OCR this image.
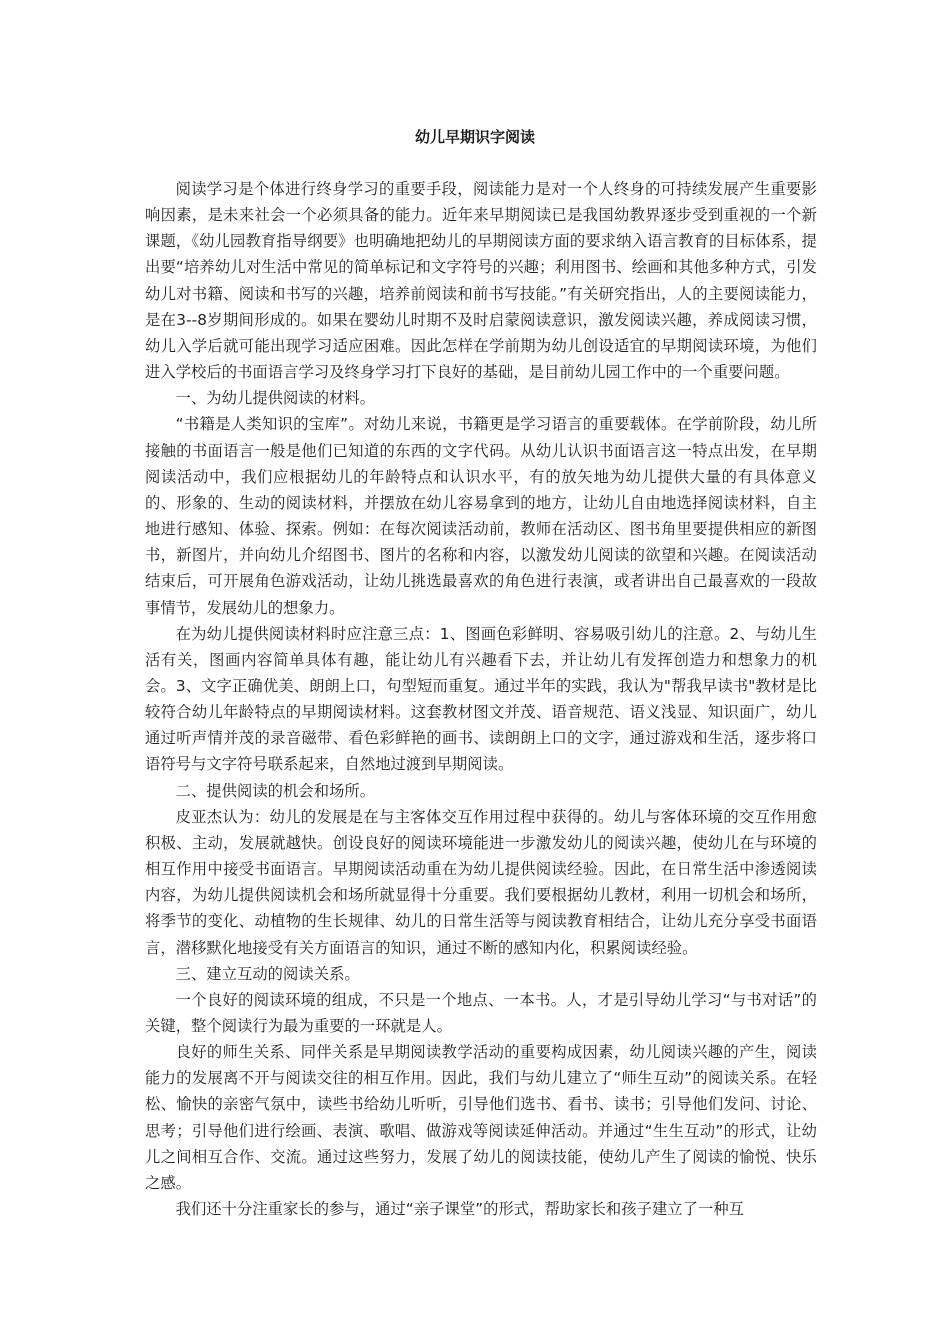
幼儿早期识字阅读

阅读学习是个体进行终身学习的重要手段，阅读能力是对一个人终身的可持续发展产生重要影响因素，是未来社会一个必须具备的能力。近年来早期阅读已是我国幼教界逐步受到重视的一个新课题，《幼儿园教育指导纲要》也明确地把幼儿的早期阅读方面的要求纳入语言教育的目标体系，提出要“培养幼儿对生活中常见的简单标记和文字符号的兴趣；利用图书、绘画和其他多种方式，引发幼儿对书籍、阅读和书写的兴趣，培养前阅读和前书写技能。”有关研究指出，人的主要阅读能力，是在3--8岁期间形成的。如果在婴幼儿时期不及时启蒙阅读意识，激发阅读兴趣，养成阅读习惯，幼儿入学后就可能出现学习适应困难。因此怎样在学前期为幼儿创设适宜的早期阅读环境，为他们进入学校后的书面语言学习及终身学习打下良好的基础，是目前幼儿园工作中的一个重要问题。

一、为幼儿提供阅读的材料。

“书籍是人类知识的宝库”。对幼儿来说，书籍更是学习语言的重要载体。在学前阶段，幼儿所接触的书面语言一般是他们已知道的东西的文字代码。从幼儿认识书面语言这一特点出发，在早期阅读活动中，我们应根据幼儿的年龄特点和认识水平，有的放矢地为幼儿提供大量的有具体意义的、形象的、生动的阅读材料，并摆放在幼儿容易拿到的地方，让幼儿自由地选择阅读材料，自主地进行感知、体验、探索。例如：在每次阅读活动前，教师在活动区、图书角里要提供相应的新图书，新图片，并向幼儿介绍图书、图片的名称和内容，以激发幼儿阅读的欲望和兴趣。在阅读活动结束后，可开展角色游戏活动，让幼儿挑选最喜欢的角色进行表演，或者讲出自己最喜欢的一段故事情节，发展幼儿的想象力。

在为幼儿提供阅读材料时应注意三点：1、图画色彩鲜明、容易吸引幼儿的注意。2、与幼儿生活有关，图画内容简单具体有趣，能让幼儿有兴趣看下去，并让幼儿有发挥创造力和想象力的机会。3、文字正确优美、朗朗上口，句型短而重复。通过半年的实践，我认为"帮我早读书"教材是比较符合幼儿年龄特点的早期阅读材料。这套教材图文并茂、语音规范、语义浅显、知识面广，幼儿通过听声情并茂的录音磁带、看色彩鲜艳的画书、读朗朗上口的文字，通过游戏和生活，逐步将口语符号与文字符号联系起来，自然地过渡到早期阅读。

二、提供阅读的机会和场所。

皮亚杰认为：幼儿的发展是在与主客体交互作用过程中获得的。幼儿与客体环境的交互作用愈积极、主动，发展就越快。创设良好的阅读环境能进一步激发幼儿的阅读兴趣，使幼儿在与环境的相互作用中接受书面语言。早期阅读活动重在为幼儿提供阅读经验。因此，在日常生活中渗透阅读内容，为幼儿提供阅读机会和场所就显得十分重要。我们要根据幼儿教材，利用一切机会和场所，将季节的变化、动植物的生长规律、幼儿的日常生活等与阅读教育相结合，让幼儿充分享受书面语言，潜移默化地接受有关方面语言的知识，通过不断的感知内化，积累阅读经验。

三、建立互动的阅读关系。

一个良好的阅读环境的组成，不只是一个地点、一本书。人，才是引导幼儿学习“与书对话”的关键，整个阅读行为最为重要的一环就是人。

良好的师生关系、同伴关系是早期阅读教学活动的重要构成因素，幼儿阅读兴趣的产生，阅读能力的发展离不开与阅读交往的相互作用。因此，我们与幼儿建立了“师生互动”的阅读关系。在轻松、愉快的亲密气氛中，读些书给幼儿听听，引导他们选书、看书、读书；引导他们发问、讨论、思考；引导他们进行绘画、表演、歌唱、做游戏等阅读延伸活动。并通过“生生互动”的形式，让幼儿之间相互合作、交流。通过这些努力，发展了幼儿的阅读技能，使幼儿产生了阅读的愉悦、快乐之感。

我们还十分注重家长的参与，通过“亲子课堂”的形式，帮助家长和孩子建立了一种互
